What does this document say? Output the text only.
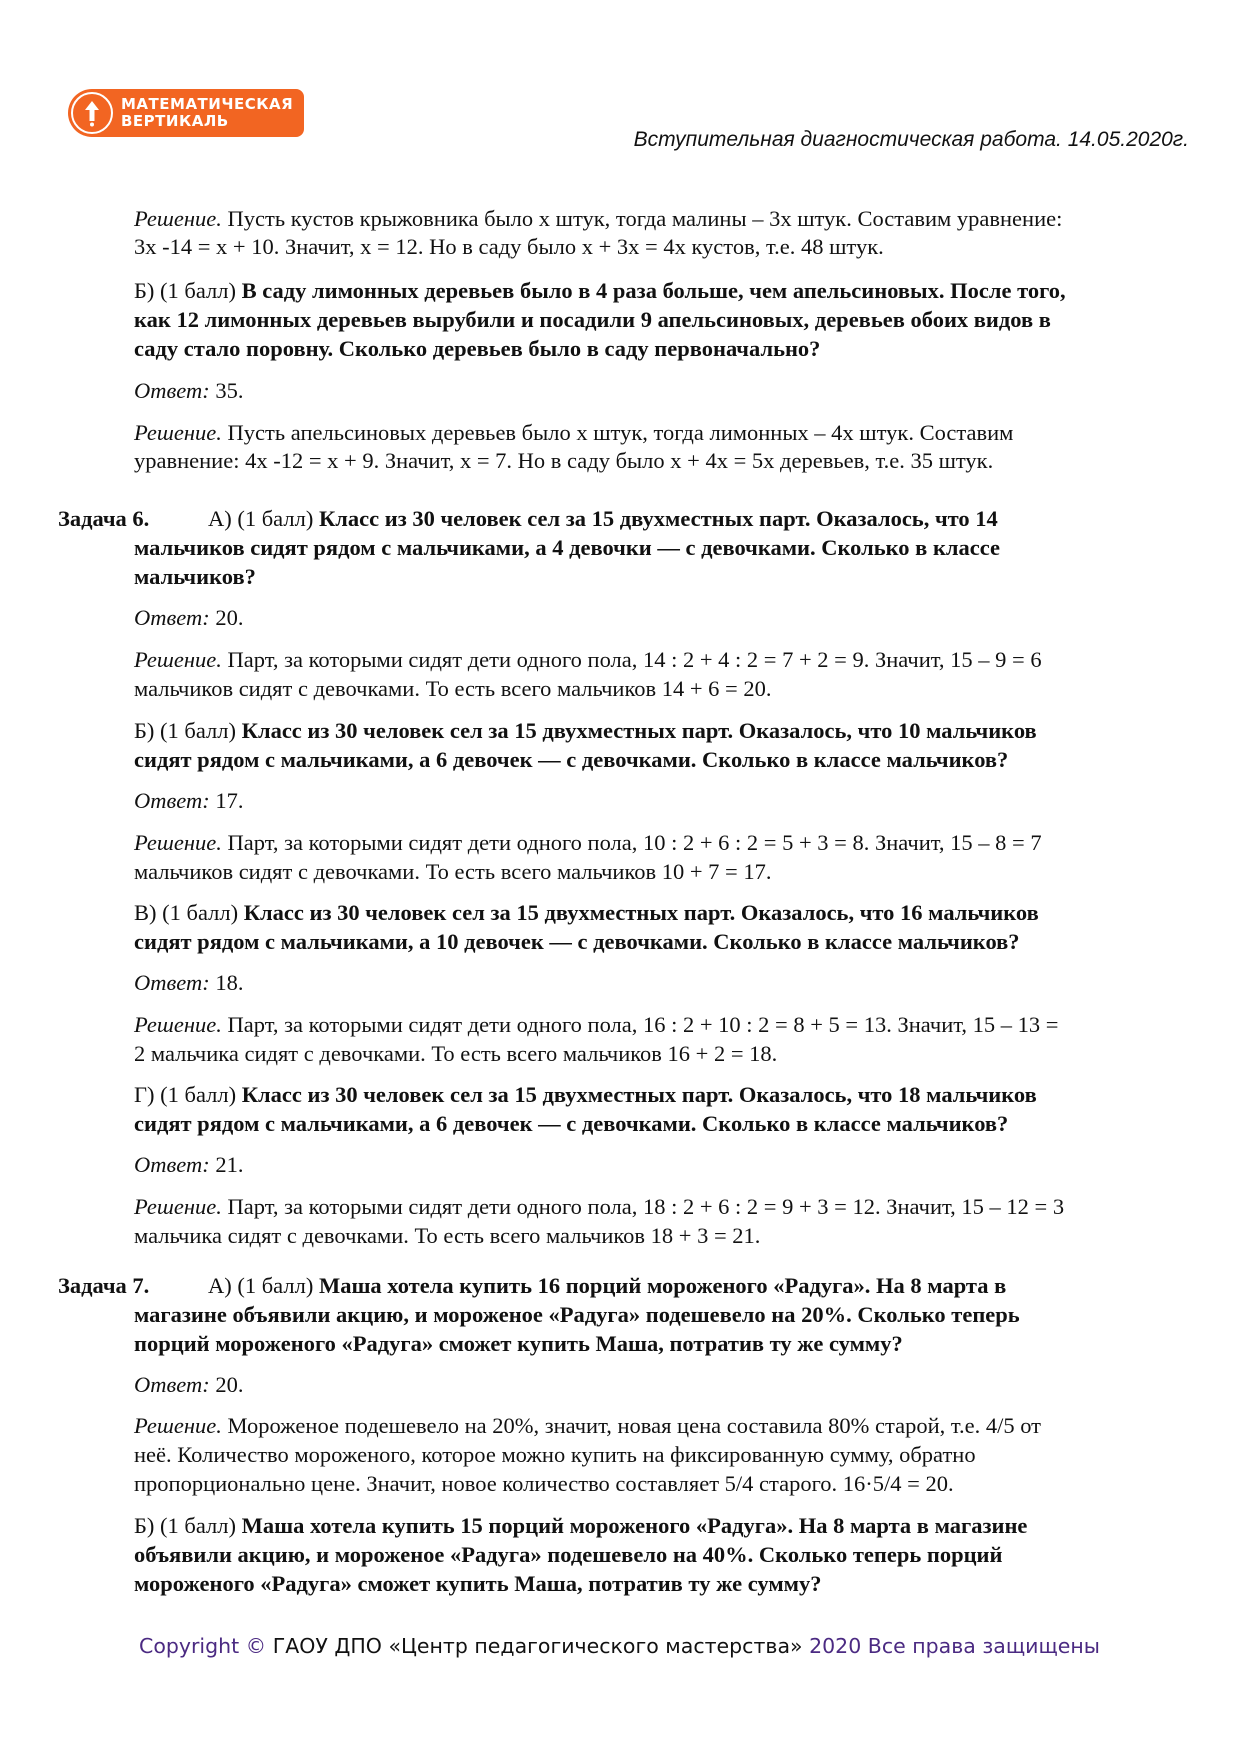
МАТЕМАТИЧЕСКАЯ
ВЕРТИКАЛЬ
Вступительная диагностическая работа. 14.05.2020г.
Решение. Пусть кустов крыжовника было x штук, тогда малины – 3x штук. Составим уравнение:
3x -14 = x + 10. Значит, x = 12. Но в саду было x + 3x = 4x кустов, т.е. 48 штук.
Б) (1 балл) В саду лимонных деревьев было в 4 раза больше, чем апельсиновых. После того,
как 12 лимонных деревьев вырубили и посадили 9 апельсиновых, деревьев обоих видов в
саду стало поровну. Сколько деревьев было в саду первоначально?
Ответ: 35.
Решение. Пусть апельсиновых деревьев было x штук, тогда лимонных – 4x штук. Составим
уравнение: 4x -12 = x + 9. Значит, x = 7. Но в саду было x + 4x = 5x деревьев, т.е. 35 штук.
Задача 6.	А) (1 балл) Класс из 30 человек сел за 15 двухместных парт. Оказалось, что 14
мальчиков сидят рядом с мальчиками, а 4 девочки — с девочками. Сколько в классе
мальчиков?
Ответ: 20.
Решение. Парт, за которыми сидят дети одного пола, 14 : 2 + 4 : 2 = 7 + 2 = 9. Значит, 15 – 9 = 6
мальчиков сидят с девочками. То есть всего мальчиков 14 + 6 = 20.
Б) (1 балл) Класс из 30 человек сел за 15 двухместных парт. Оказалось, что 10 мальчиков
сидят рядом с мальчиками, а 6 девочек — с девочками. Сколько в классе мальчиков?
Ответ: 17.
Решение. Парт, за которыми сидят дети одного пола, 10 : 2 + 6 : 2 = 5 + 3 = 8. Значит, 15 – 8 = 7
мальчиков сидят с девочками. То есть всего мальчиков 10 + 7 = 17.
В) (1 балл) Класс из 30 человек сел за 15 двухместных парт. Оказалось, что 16 мальчиков
сидят рядом с мальчиками, а 10 девочек — с девочками. Сколько в классе мальчиков?
Ответ: 18.
Решение. Парт, за которыми сидят дети одного пола, 16 : 2 + 10 : 2 = 8 + 5 = 13. Значит, 15 – 13 =
2 мальчика сидят с девочками. То есть всего мальчиков 16 + 2 = 18.
Г) (1 балл) Класс из 30 человек сел за 15 двухместных парт. Оказалось, что 18 мальчиков
сидят рядом с мальчиками, а 6 девочек — с девочками. Сколько в классе мальчиков?
Ответ: 21.
Решение. Парт, за которыми сидят дети одного пола, 18 : 2 + 6 : 2 = 9 + 3 = 12. Значит, 15 – 12 = 3
мальчика сидят с девочками. То есть всего мальчиков 18 + 3 = 21.
Задача 7.	А) (1 балл) Маша хотела купить 16 порций мороженого «Радуга». На 8 марта в
магазине объявили акцию, и мороженое «Радуга» подешевело на 20%. Сколько теперь
порций мороженого «Радуга» сможет купить Маша, потратив ту же сумму?
Ответ: 20.
Решение. Мороженое подешевело на 20%, значит, новая цена составила 80% старой, т.е. 4/5 от
неё. Количество мороженого, которое можно купить на фиксированную сумму, обратно
пропорционально цене. Значит, новое количество составляет 5/4 старого. 16·5/4 = 20.
Б) (1 балл) Маша хотела купить 15 порций мороженого «Радуга». На 8 марта в магазине
объявили акцию, и мороженое «Радуга» подешевело на 40%. Сколько теперь порций
мороженого «Радуга» сможет купить Маша, потратив ту же сумму?
Copyright © ГАОУ ДПО «Центр педагогического мастерства» 2020 Все права защищены
